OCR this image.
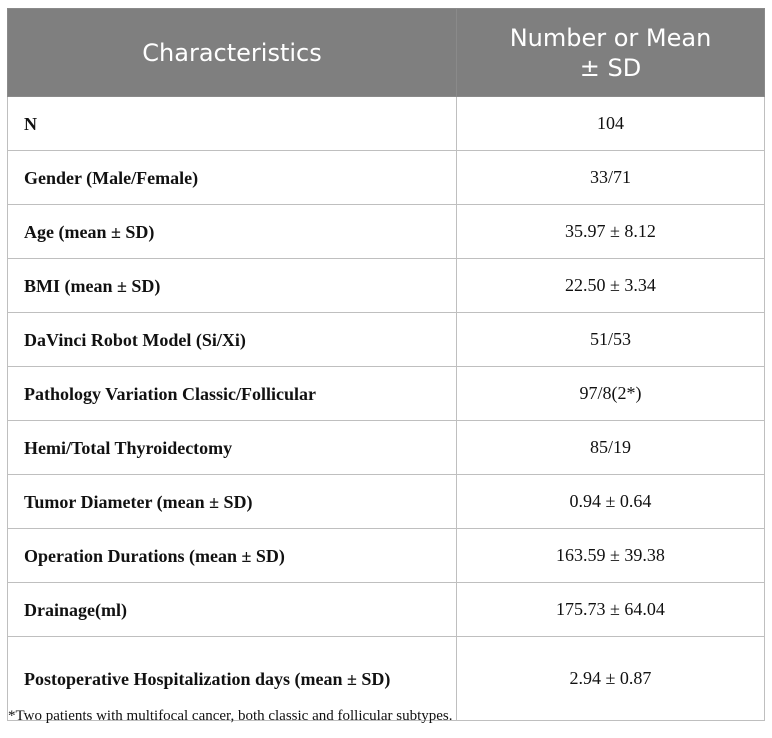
Characteristics	Number or Mean
± SD
N	104
Gender (Male/Female)	33/71
Age (mean ± SD)	35.97 ± 8.12
BMI (mean ± SD)	22.50 ± 3.34
DaVinci Robot Model (Si/Xi)	51/53
Pathology Variation Classic/Follicular	97/8(2*)
Hemi/Total Thyroidectomy	85/19
Tumor Diameter (mean ± SD)	0.94 ± 0.64
Operation Durations (mean ± SD)	163.59 ± 39.38
Drainage(ml)	175.73 ± 64.04
Postoperative Hospitalization days (mean ± SD)	2.94 ± 0.87
*Two patients with multifocal cancer, both classic and follicular subtypes.
